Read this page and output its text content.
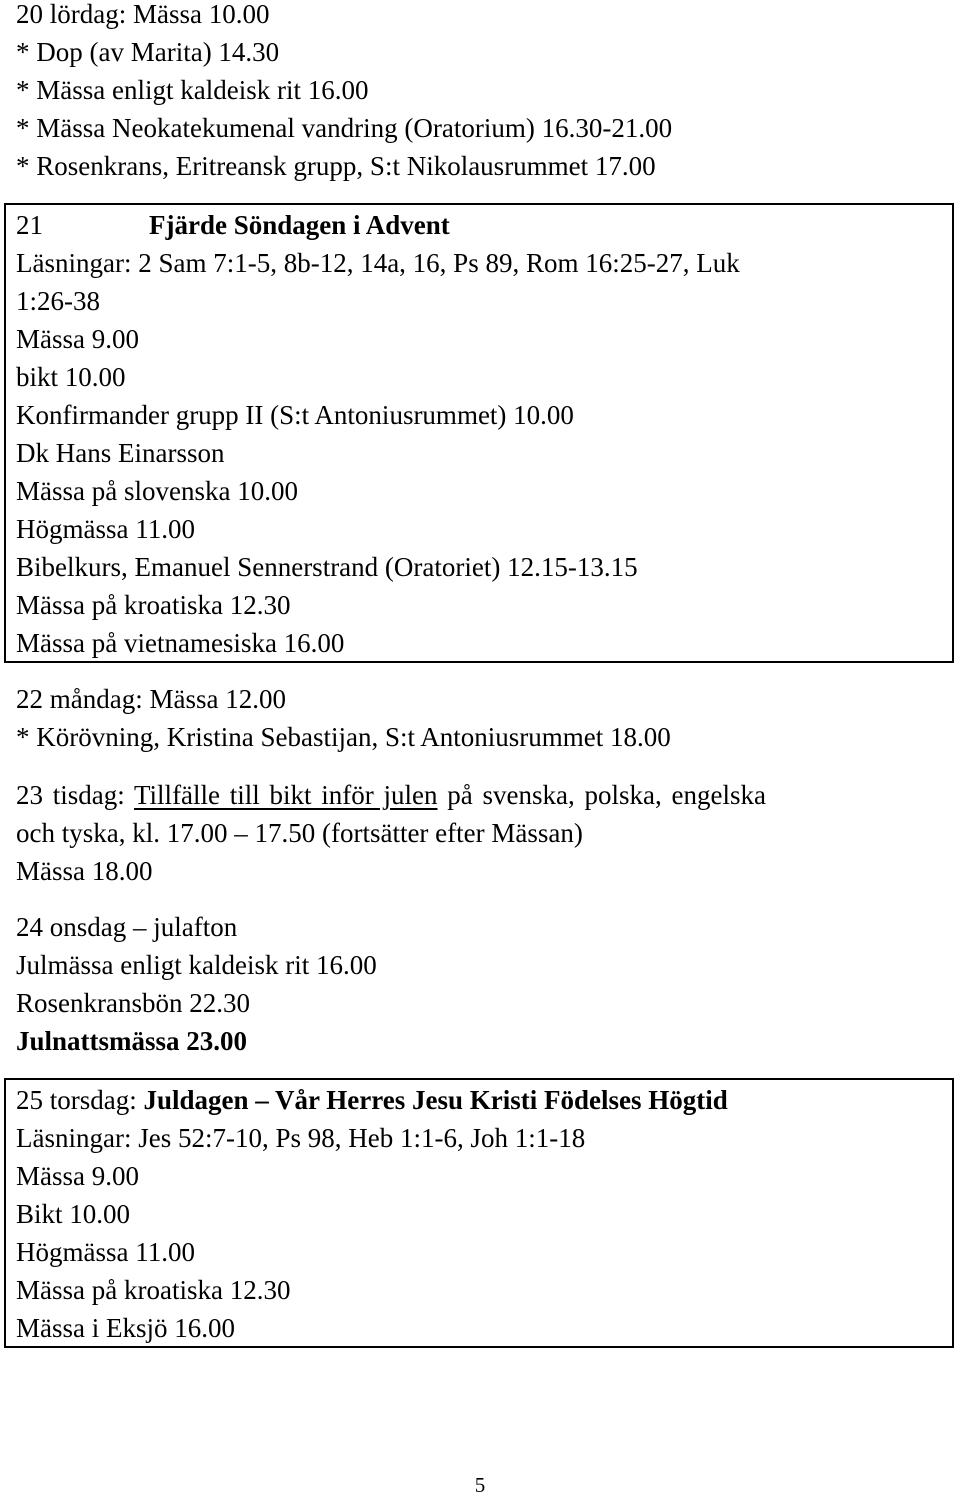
20 lördag: Mässa 10.00
* Dop (av Marita) 14.30
* Mässa enligt kaldeisk rit 16.00
* Mässa Neokatekumenal vandring (Oratorium) 16.30-21.00
* Rosenkrans, Eritreansk grupp, S:t Nikolausrummet 17.00
21	Fjärde Söndagen i Advent
Läsningar: 2 Sam 7:1-5, 8b-12, 14a, 16, Ps 89, Rom 16:25-27, Luk
1:26-38
Mässa 9.00
bikt 10.00
Konfirmander grupp II (S:t Antoniusrummet) 10.00
Dk Hans Einarsson
Mässa på slovenska 10.00
Högmässa 11.00
Bibelkurs, Emanuel Sennerstrand (Oratoriet) 12.15-13.15
Mässa på kroatiska 12.30
Mässa på vietnamesiska 16.00
22 måndag: Mässa 12.00
* Körövning, Kristina Sebastijan, S:t Antoniusrummet 18.00
23 tisdag: Tillfälle till bikt inför julen på svenska, polska, engelska
och tyska, kl. 17.00 – 17.50 (fortsätter efter Mässan)
Mässa 18.00
24 onsdag – julafton
Julmässa enligt kaldeisk rit 16.00
Rosenkransbön 22.30
Julnattsmässa 23.00
25 torsdag: Juldagen – Vår Herres Jesu Kristi Födelses Högtid
Läsningar: Jes 52:7-10, Ps 98, Heb 1:1-6, Joh 1:1-18
Mässa 9.00
Bikt 10.00
Högmässa 11.00
Mässa på kroatiska 12.30
Mässa i Eksjö 16.00
5
